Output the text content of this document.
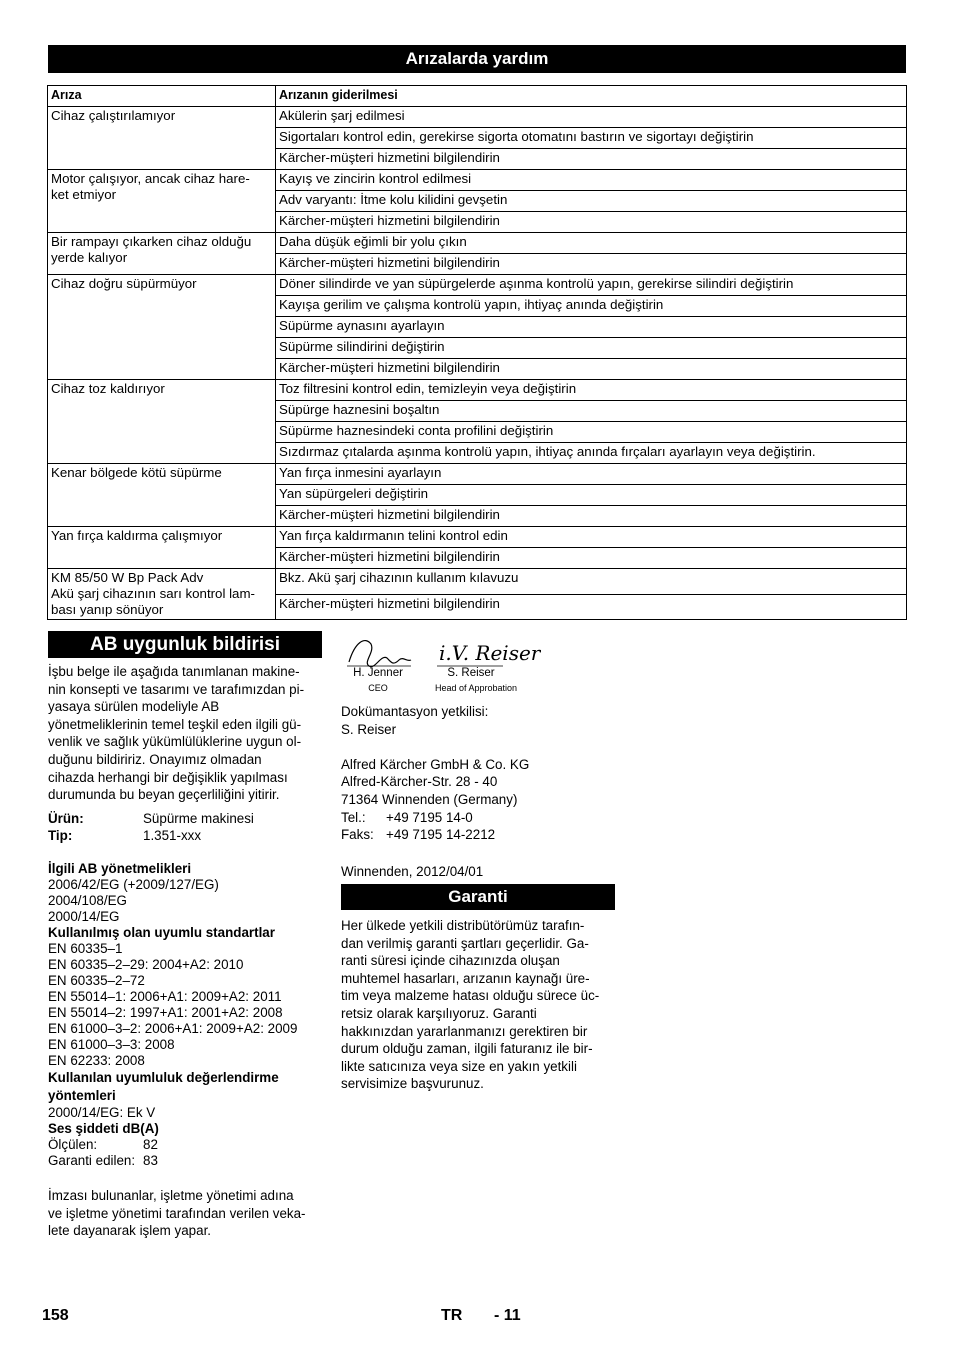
Arızalarda yardım
Arıza	Arızanın giderilmesi
Cihaz çalıştırılamıyor	Akülerin şarj edilmesi
	Sigortaları kontrol edin, gerekirse sigorta otomatını bastırın ve sigortayı değiştirin
	Kärcher-müşteri hizmetini bilgilendirin
Motor çalışıyor, ancak cihaz hare-
ket etmiyor	Kayış ve zincirin kontrol edilmesi
	Adv varyantı: İtme kolu kilidini gevşetin
	Kärcher-müşteri hizmetini bilgilendirin
Bir rampayı çıkarken cihaz olduğu
yerde kalıyor	Daha düşük eğimli bir yolu çıkın
	Kärcher-müşteri hizmetini bilgilendirin
Cihaz doğru süpürmüyor	Döner silindirde ve yan süpürgelerde aşınma kontrolü yapın, gerekirse silindiri değiştirin
	Kayışa gerilim ve çalışma kontrolü yapın, ihtiyaç anında değiştirin
	Süpürme aynasını ayarlayın
	Süpürme silindirini değiştirin
	Kärcher-müşteri hizmetini bilgilendirin
Cihaz toz kaldırıyor	Toz filtresini kontrol edin, temizleyin veya değiştirin
	Süpürge haznesini boşaltın
	Süpürme haznesindeki conta profilini değiştirin
	Sızdırmaz çıtalarda aşınma kontrolü yapın, ihtiyaç anında fırçaları ayarlayın veya değiştirin.
Kenar bölgede kötü süpürme	Yan fırça inmesini ayarlayın
	Yan süpürgeleri değiştirin
	Kärcher-müşteri hizmetini bilgilendirin
Yan fırça kaldırma çalışmıyor	Yan fırça kaldırmanın telini kontrol edin
	Kärcher-müşteri hizmetini bilgilendirin
KM 85/50 W Bp Pack Adv
Akü şarj cihazının sarı kontrol lam-
bası yanıp sönüyor	Bkz. Akü şarj cihazının kullanım kılavuzu
	Kärcher-müşteri hizmetini bilgilendirin
AB uygunluk bildirisi

İşbu belge ile aşağıda tanımlanan makine-
nin konsepti ve tasarımı ve tarafımızdan pi-
yasaya sürülen modeliyle AB
yönetmeliklerinin temel teşkil eden ilgili gü-
venlik ve sağlık yükümlülüklerine uygun ol-
duğunu bildiririz. Onayımız olmadan
cihazda herhangi bir değişiklik yapılması
durumunda bu beyan geçerliliğini yitirir.

Ürün:	Süpürme makinesi
Tip:	1.351-xxx
İlgili AB yönetmelikleri
2006/42/EG (+2009/127/EG)
2004/108/EG
2000/14/EG
Kullanılmış olan uyumlu standartlar
EN 60335–1
EN 60335–2–29: 2004+A2: 2010
EN 60335–2–72
EN 55014–1: 2006+A1: 2009+A2: 2011
EN 55014–2: 1997+A1: 2001+A2: 2008
EN 61000–3–2: 2006+A1: 2009+A2: 2009
EN 61000–3–3: 2008
EN 62233: 2008
Kullanılan uyumluluk değerlendirme
yöntemleri
2000/14/EG: Ek V
Ses şiddeti dB(A)
Ölçülen:	82
Garanti edilen: 83

İmzası bulunanlar, işletme yönetimi adına
ve işletme yönetimi tarafından verilen veka-
lete dayanarak işlem yapar.

i.V. Reiser
H. Jenner
CEO
S. Reiser
Head of Approbation
Dokümantasyon yetkilisi:
S. Reiser
Alfred Kärcher GmbH & Co. KG
Alfred-Kärcher-Str. 28 - 40
71364 Winnenden (Germany)
Tel.:	+49 7195 14-0
Faks: +49 7195 14-2212
Winnenden, 2012/04/01
Garanti
Her ülkede yetkili distribütörümüz tarafın-
dan verilmiş garanti şartları geçerlidir. Ga-
ranti süresi içinde cihazınızda oluşan
muhtemel hasarları, arızanın kaynağı üre-
tim veya malzeme hatası olduğu sürece üc-
retsiz olarak karşılıyoruz. Garanti
hakkınızdan yararlanmanızı gerektiren bir
durum olduğu zaman, ilgili faturanız ile bir-
likte satıcınıza veya size en yakın yetkili
servisimize başvurunuz.
158	TR - 11
